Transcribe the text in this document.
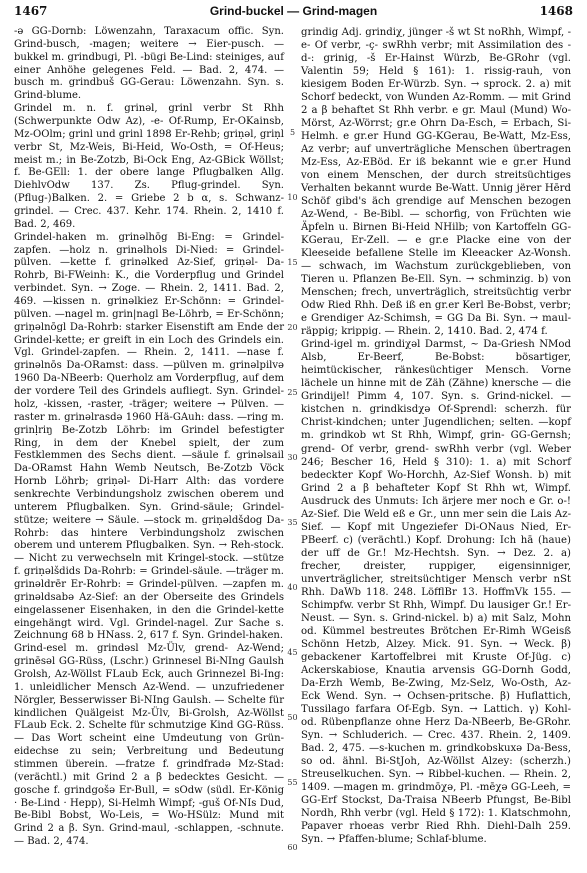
1467	Grind-buckel — Grind-magen	1468

-ə GG-Dornb: Löwenzahn, Taraxacum offic. Syn. Grind-busch, -magen; weitere → Eier-pusch. —bukkel m. grindbugi, Pl. -bügi Be-Lind: steiniges, auf einer Anhöhe gelegenes Feld. — Bad. 2, 474. —busch m. grindbuš GG-Gerau: Löwenzahn. Syn. s. Grind-blume.

Grindel m. n. f. grinəl, grinl verbr St Rhh (Schwerpunkte Odw Az), -e- Of-Rump, Er-OKainsb, Mz-OOlm; grinl und grinl 1898 Er-Rehb; griṇəl, griṇl verbr St, Mz-Weis, Bi-Heid, Wo-Osth, = Of-Heus; meist m.; in Be-Zotzb, Bi-Ock Eng, Az-GBick Wöllst; f. Be-GEll: 1. der obere lange Pflugbalken Allg. DiehlvOdw 137. Zs. Pflug-grindel. Syn. (Pflug-)Balken. 2. = Griebe 2 b α, s. Schwanz-grindel. — Crec. 437. Kehr. 174. Rhein. 2, 1410 f. Bad. 2, 469.

Grindel-haken m. grinəlhōg Bi-Eng: = Grindel-zapfen. —holz n. grinəlhols Di-Nied: = Grindel-pülven. —kette f. grinəlked Az-Sief, griṇəl- Da-Rohrb, Bi-FWeinh: K., die Vorderpflug und Grindel verbindet. Syn. → Zoge. — Rhein. 2, 1411. Bad. 2, 469. —kissen n. grinəlkiez Er-Schönn: = Grindel-pülven. —nagel m. grin|nagl Be-Löhrb, = Er-Schönn; griṇəlnōgl Da-Rohrb: starker Eisenstift am Ende der Grindel-kette; er greift in ein Loch des Grindels ein. Vgl. Grindel-zapfen. — Rhein. 2, 1411. —nase f. grinəlnōs Da-ORamst: dass. —pülven m. grinəlpilvə 1960 Da-NBeerb: Querholz am Vorderpflug, auf dem der vordere Teil des Grindels aufliegt. Syn. Grindel-holz, -kissen, -raster, -träger; weitere → Pülven. —raster m. grinəlrasdə 1960 Hä-GAuh: dass. —ring m. grinḷriŋ Be-Zotzb Löhrb: im Grindel befestigter Ring, in dem der Knebel spielt, der zum Festklemmen des Sechs dient. —säule f. grinəlsail Da-ORamst Hahn Wemb Neutsch, Be-Zotzb Vöck Hornb Löhrb; griṇəl- Di-Harr Alth: das vordere senkrechte Verbindungsholz zwischen oberem und unterem Pflugbalken. Syn. Grind-säule; Grindel-stütze; weitere → Säule. —stock m. griṇəldšdog Da-Rohrb: das hintere Verbindungsholz zwischen oberem und unterem Pflugbalken. Syn. → Reh-stock. — Nicht zu verwechseln mit Kringel-stock. —stütze f. griṇəlšdids Da-Rohrb: = Grindel-säule. —träger m. grinəldrēr Er-Rohrb: = Grindel-pülven. —zapfen m. grinəldsabə Az-Sief: an der Oberseite des Grindels eingelassener Eisenhaken, in den die Grindel-kette eingehängt wird. Vgl. Grindel-nagel. Zur Sache s. Zeichnung 68 b HNass. 2, 617 f. Syn. Grindel-haken.

Grind-esel m. grindəsl Mz-Ülv, grend- Az-Wend; grinēsəl GG-Rüss, (Lschr.) Grinnesel Bi-NIng Gaulsh Grolsh, Az-Wöllst FLaub Eck, auch Grinnezel Bi-Ing: 1. unleidlicher Mensch Az-Wend. — unzufriedener Nörgler, Besserwisser Bi-NIng Gaulsh. — Schelte für kindlichen Quälgeist Mz-Ülv, Bi-Grolsh, Az-Wöllst FLaub Eck. 2. Schelte für schmutzige Kind GG-Rüss. — Das Wort scheint eine Umdeutung von Grün-eidechse zu sein; Verbreitung und Bedeutung stimmen überein. —fratze f. grindfradə Mz-Stad: (verächtl.) mit Grind 2 a β bedecktes Gesicht. —gosche f. grindgošə Er-Bull, = sOdw (südl. Er-König · Be-Lind · Hepp), Si-Helmh Wimpf; -guš Of-NIs Dud, Be-Bibl Bobst, Wo-Leis, = Wo-HSülz: Mund mit Grind 2 a β. Syn. Grind-maul, -schlappen, -schnute. — Bad. 2, 474.

5
10
15
20
25
30
35
40
45
50
55
60

grindig Adj. grindiχ, jünger -š wt St noRhh, Wimpf, -e- Of verbr, -ç- swRhh verbr; mit Assimilation des -d-: grinig, -š Er-Hainst Würzb, Be-GRohr (vgl. Valentin 59; Held § 161): 1. rissig-rauh, von kiesigem Boden Er-Würzb. Syn. → sprock. 2. a) mit Schorf bedeckt, von Wunden Az-Romm. — mit Grind 2 a β behaftet St Rhh verbr. e gr. Maul (Mund) Wo-Mörst, Az-Wörrst; gr.e Ohrn Da-Esch, = Erbach, Si-Helmh. e gr.er Hund GG-KGerau, Be-Watt, Mz-Ess, Az verbr; auf unverträgliche Menschen übertragen Mz-Ess, Az-EBöd. Er iß bekannt wie e gr.er Hund von einem Menschen, der durch streitsüchtiges Verhalten bekannt wurde Be-Watt. Unnig jërer Hērd Schöf gibd's äch grendige auf Menschen bezogen Az-Wend, - Be-Bibl. — schorfig, von Früchten wie Äpfeln u. Birnen Bi-Heid NHilb; von Kartoffeln GG-KGerau, Er-Zell. — e gr.e Placke eine von der Kleeseide befallene Stelle im Kleeacker Az-Wonsh. — schwach, im Wachstum zurückgeblieben, von Tieren u. Pflanzen Be-Ell. Syn. → schminzig. b) von Menschen; frech, unverträglich, streitsüchtig verbr Odw Ried Rhh. Deß iß en gr.er Kerl Be-Bobst, verbr; e Grendiger Az-Schimsh, = GG Da Bi. Syn. → maul-räppig; krippig. — Rhein. 2, 1410. Bad. 2, 474 f.

Grind-igel m. grindiχəl Darmst, ~ Da-Griesh NMod Alsb, Er-Beerf, Be-Bobst: bösartiger, heimtückischer, ränkesüchtiger Mensch. Vorne lächele un hinne mit de Zäh (Zähne) knersche — die Grindijel! Pimm 4, 107. Syn. s. Grind-nickel. —kistchen n. grindkisdχə Of-Sprendl: scherzh. für Christ-kindchen; unter Jugendlichen; selten. —kopf m. grindkob wt St Rhh, Wimpf, grin- GG-Gernsh; grend- Of verbr, grend- swRhh verbr (vgl. Weber 246; Bescher 16, Held § 310): 1. a) mit Schorf bedeckter Kopf Wo-Horchh, Az-Sief Wonsh. b) mit Grind 2 a β behafteter Kopf St Rhh wt, Wimpf. Ausdruck des Unmuts: Ich ärjere mer noch e Gr. o-! Az-Sief. Die Weld eß e Gr., unn mer sein die Lais Az-Sief. — Kopf mit Ungeziefer Di-ONaus Nied, Er-PBeerf. c) (verächtl.) Kopf. Drohung: Ich hā (haue) der uff de Gr.! Mz-Hechtsh. Syn. → Dez. 2. a) frecher, dreister, ruppiger, eigensinniger, unverträglicher, streitsüchtiger Mensch verbr nSt Rhh. DaWb 118. 248. LöfflBr 13. HoffmVk 155. — Schimpfw. verbr St Rhh, Wimpf. Du lausiger Gr.! Er-Neust. — Syn. s. Grind-nickel. b) a) mit Salz, Mohn od. Kümmel bestreutes Brötchen Er-Rimh WGeisß Schönn Hetzb, Alzey. Mick. 91. Syn. → Weck. β) gebackener Kartoffelbrei mit Kruste Of-Jüg. c) Ackerskabiose, Knautia arvensis GG-Dornh Godd, Da-Erzh Wemb, Be-Zwing, Mz-Selz, Wo-Osth, Az-Eck Wend. Syn. → Ochsen-pritsche. β) Huflattich, Tussilago farfara Of-Egb. Syn. → Lattich. γ) Kohl- od. Rübenpflanze ohne Herz Da-NBeerb, Be-GRohr. Syn. → Schluderich. — Crec. 437. Rhein. 2, 1409. Bad. 2, 475. —s-kuchen m. grindkobskuxə Da-Bess, so od. ähnl. Bi-StJoh, Az-Wöllst Alzey: (scherzh.) Streuselkuchen. Syn. → Ribbel-kuchen. — Rhein. 2, 1409. —magen m. grindmōχə, Pl. -mēχə GG-Leeh, = GG-Erf Stockst, Da-Traisa NBeerb Pfungst, Be-Bibl Nordh, Rhh verbr (vgl. Held § 172): 1. Klatschmohn, Papaver rhoeas verbr Ried Rhh. Diehl-Dalh 259. Syn. → Pfaffen-blume; Schlaf-blume.
